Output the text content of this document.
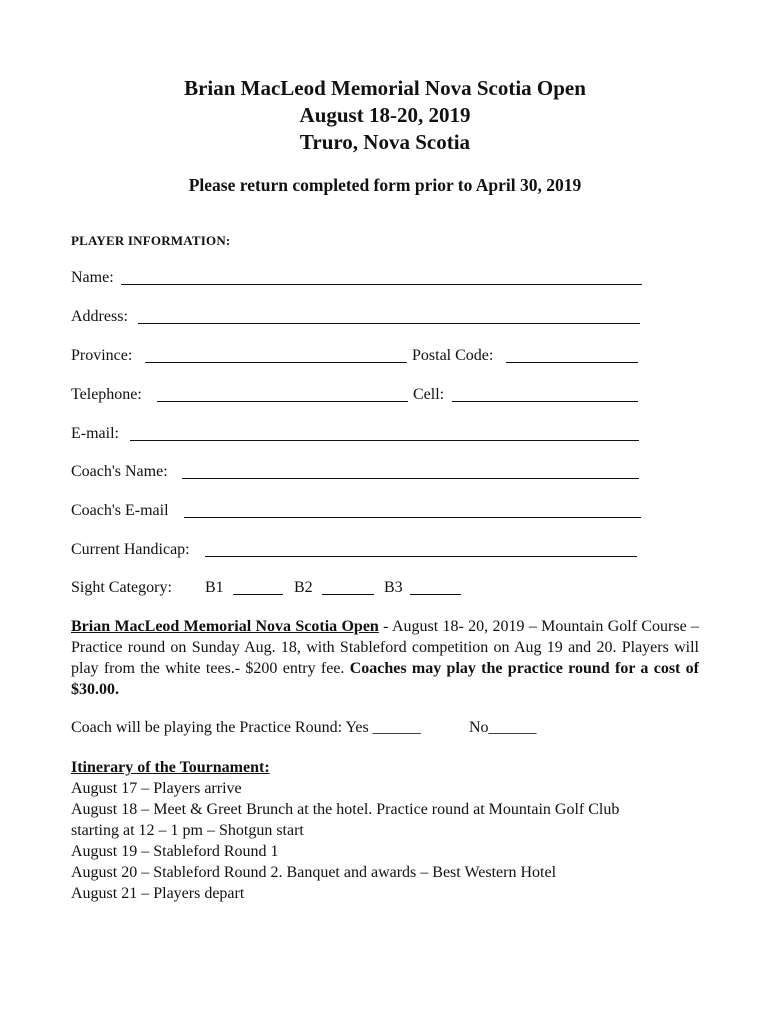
Brian MacLeod Memorial Nova Scotia Open
August 18-20, 2019
Truro, Nova Scotia
Please return completed form prior to April 30, 2019
PLAYER INFORMATION:
Name:
Address:
Province:	Postal Code:
Telephone:	Cell:
E-mail:
Coach's Name:
Coach's E-mail
Current Handicap:
Sight Category: B1	B2	B3
Brian MacLeod Memorial Nova Scotia Open - August 18- 20, 2019 – Mountain Golf Course – Practice round on Sunday Aug. 18, with Stableford competition on Aug 19 and 20. Players will play from the white tees.- $200 entry fee. Coaches may play the practice round for a cost of $30.00.
Coach will be playing the Practice Round: Yes ______	No______
Itinerary of the Tournament:
August 17 – Players arrive
August 18 – Meet & Greet Brunch at the hotel. Practice round at Mountain Golf Club
starting at 12 – 1 pm – Shotgun start
August 19 – Stableford Round 1
August 20 – Stableford Round 2. Banquet and awards – Best Western Hotel
August 21 – Players depart
